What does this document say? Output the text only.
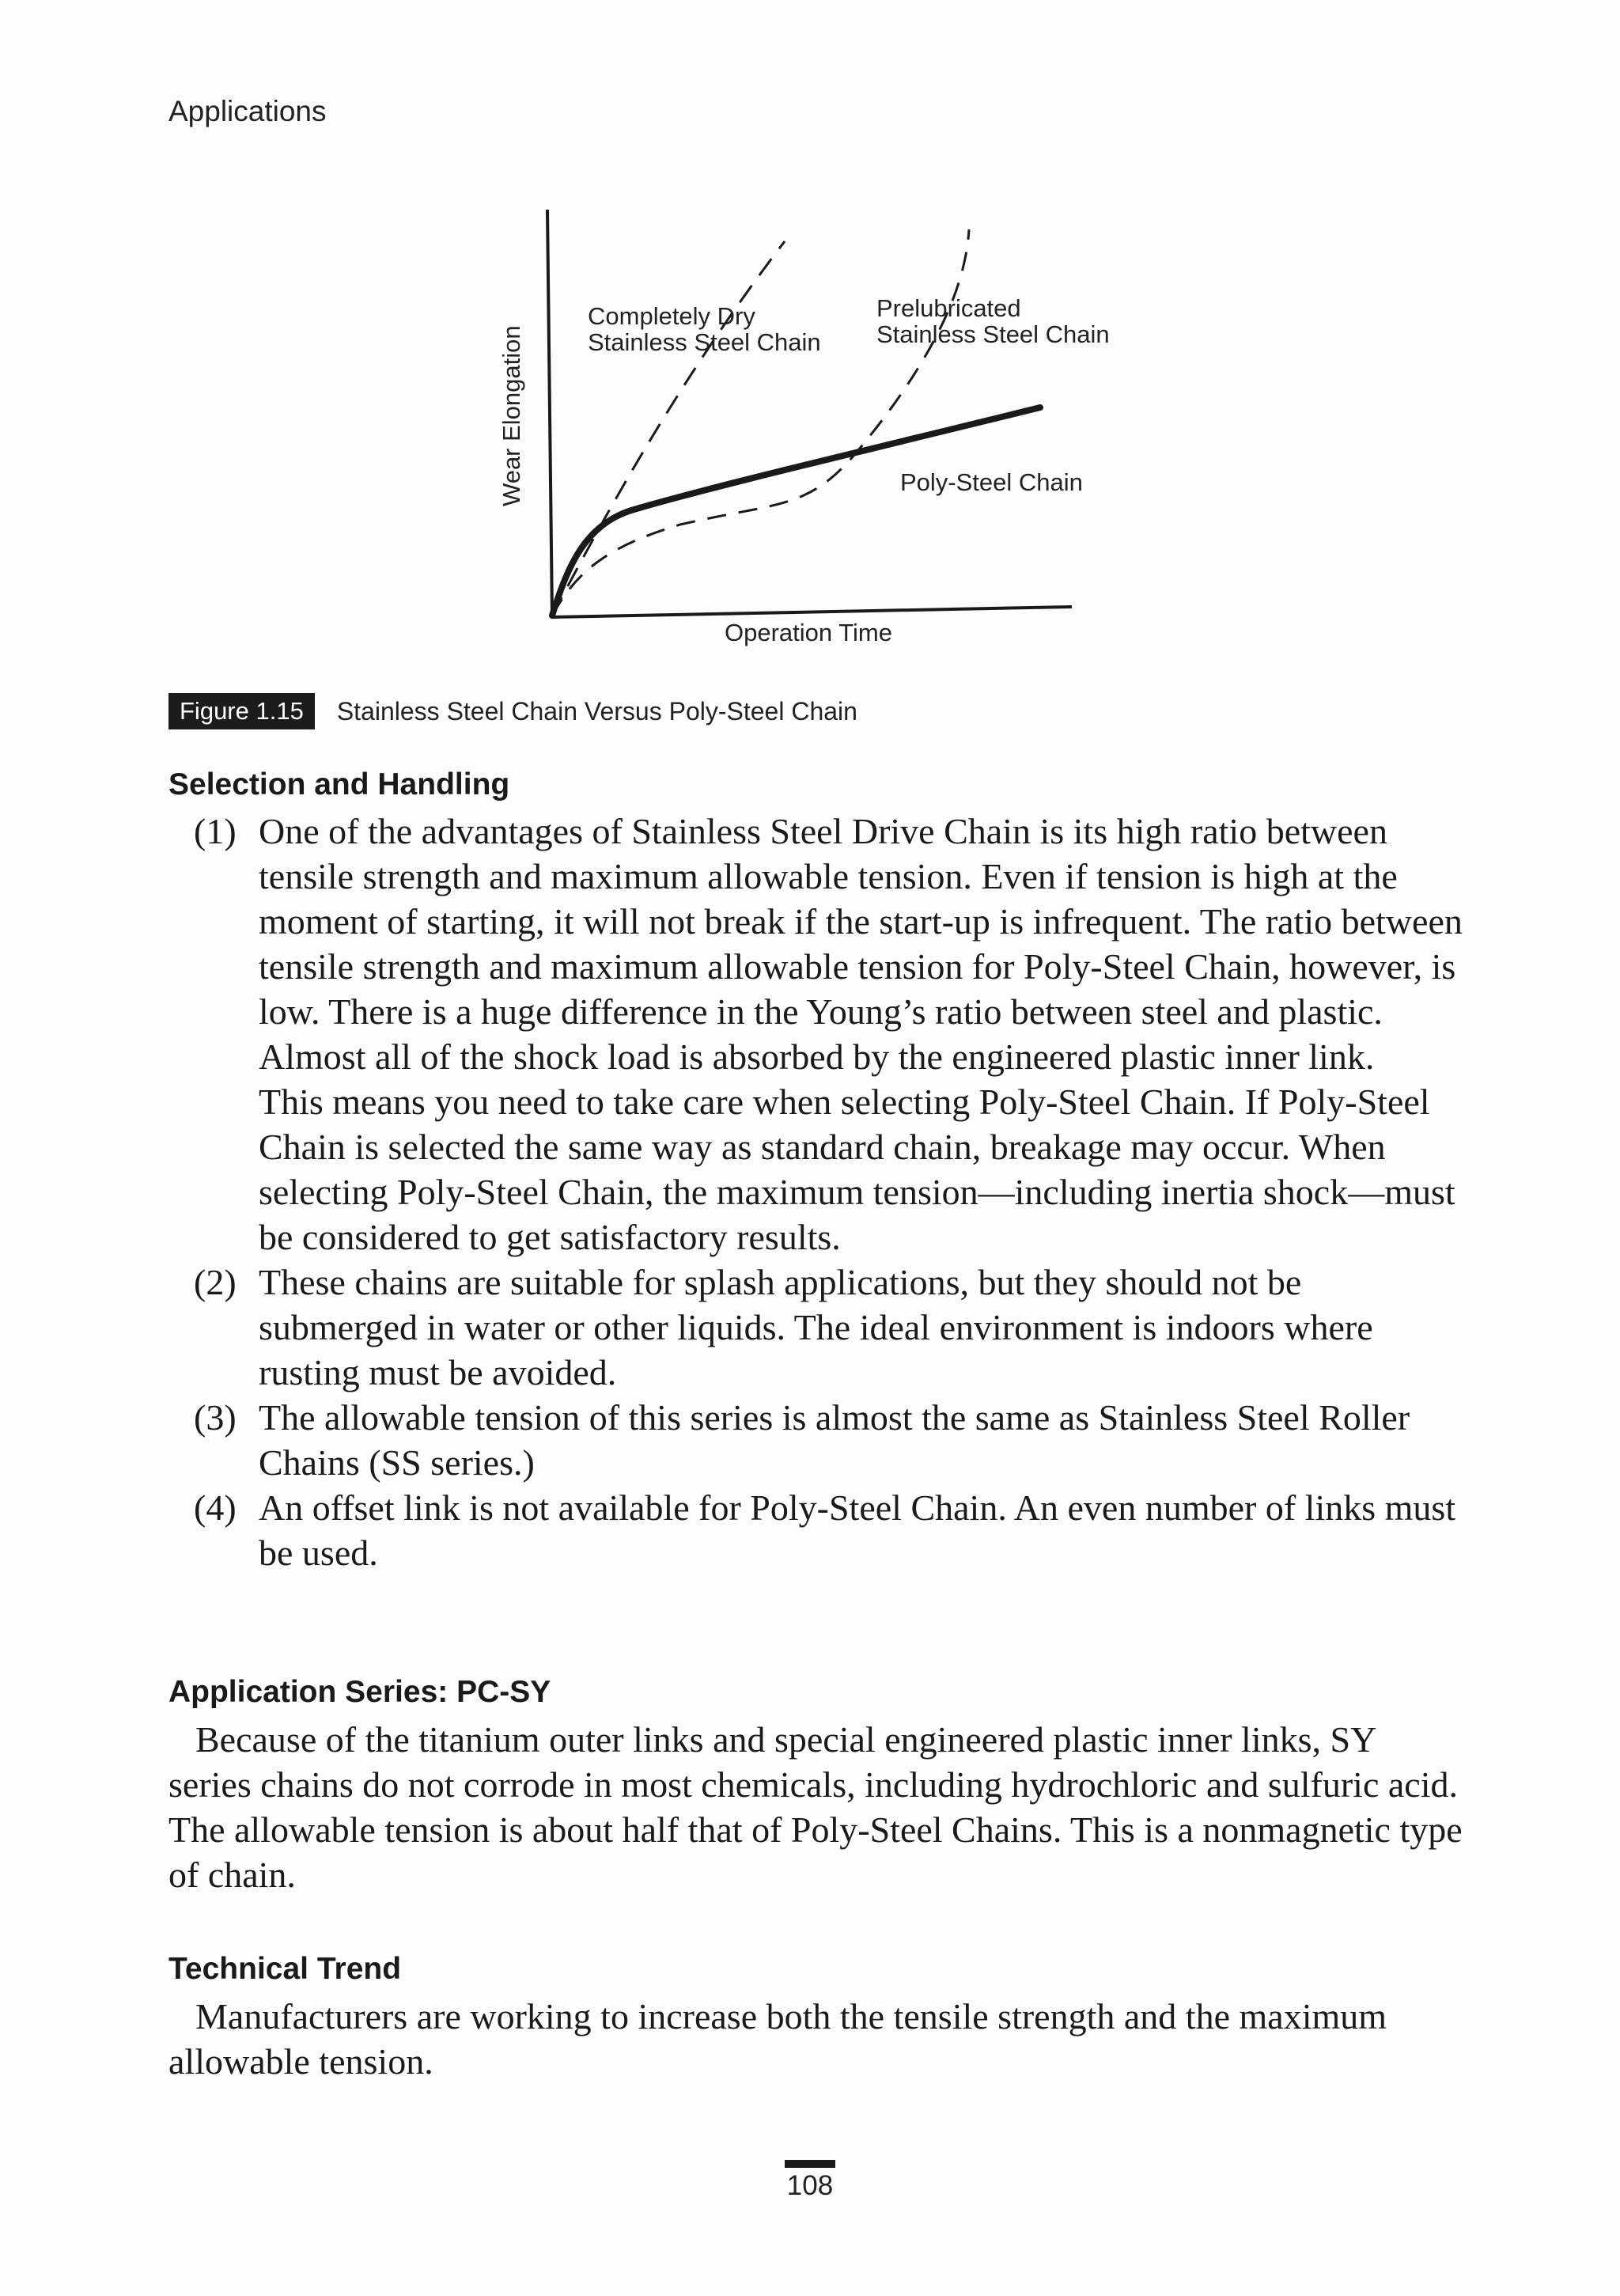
Applications
Wear Elongation
Operation Time
Completely Dry
Stainless Steel Chain
Prelubricated
Stainless Steel Chain
Poly-Steel Chain
Figure 1.15	Stainless Steel Chain Versus Poly-Steel Chain
Selection and Handling
(1) One of the advantages of Stainless Steel Drive Chain is its high ratio between tensile strength and maximum allowable tension. Even if tension is high at the moment of starting, it will not break if the start-up is infrequent. The ratio between tensile strength and maximum allowable tension for Poly-Steel Chain, however, is low. There is a huge difference in the Young’s ratio between steel and plastic. Almost all of the shock load is absorbed by the engineered plastic inner link.
This means you need to take care when selecting Poly-Steel Chain. If Poly-Steel Chain is selected the same way as standard chain, breakage may occur. When selecting Poly-Steel Chain, the maximum tension—including inertia shock—must be considered to get satisfactory results.
(2) These chains are suitable for splash applications, but they should not be submerged in water or other liquids. The ideal environment is indoors where rusting must be avoided.
(3) The allowable tension of this series is almost the same as Stainless Steel Roller Chains (SS series.)
(4) An offset link is not available for Poly-Steel Chain. An even number of links must be used.
Application Series: PC-SY
Because of the titanium outer links and special engineered plastic inner links, SY series chains do not corrode in most chemicals, including hydrochloric and sulfuric acid. The allowable tension is about half that of Poly-Steel Chains. This is a nonmagnetic type of chain.
Technical Trend
Manufacturers are working to increase both the tensile strength and the maximum allowable tension.
108
